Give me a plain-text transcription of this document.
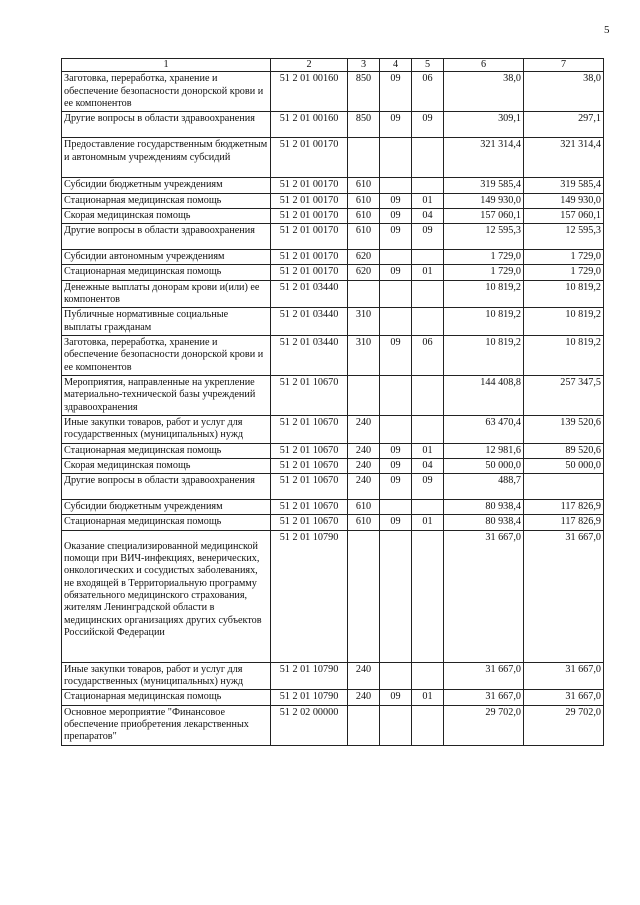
5
1	2	3	4	5	6	7
Заготовка, переработка, хранение и обеспечение безопасности донорской крови и ее компонентов	51 2 01 00160	850	09	06	38,0	38,0
Другие вопросы в области здравоохранения	51 2 01 00160	850	09	09	309,1	297,1
Предоставление государственным бюджетным и автономным учреждениям субсидий	51 2 01 00170				321 314,4	321 314,4
Субсидии бюджетным учреждениям	51 2 01 00170	610			319 585,4	319 585,4
Стационарная медицинская помощь	51 2 01 00170	610	09	01	149 930,0	149 930,0
Скорая медицинская помощь	51 2 01 00170	610	09	04	157 060,1	157 060,1
Другие вопросы в области здравоохранения	51 2 01 00170	610	09	09	12 595,3	12 595,3
Субсидии автономным учреждениям	51 2 01 00170	620			1 729,0	1 729,0
Стационарная медицинская помощь	51 2 01 00170	620	09	01	1 729,0	1 729,0
Денежные выплаты донорам крови и(или) ее компонентов	51 2 01 03440				10 819,2	10 819,2
Публичные нормативные социальные выплаты гражданам	51 2 01 03440	310			10 819,2	10 819,2
Заготовка, переработка, хранение и обеспечение безопасности донорской крови и ее компонентов	51 2 01 03440	310	09	06	10 819,2	10 819,2
Мероприятия, направленные на укрепление материально-технической базы учреждений здравоохранения	51 2 01 10670				144 408,8	257 347,5
Иные закупки товаров, работ и услуг для государственных (муниципальных) нужд	51 2 01 10670	240			63 470,4	139 520,6
Стационарная медицинская помощь	51 2 01 10670	240	09	01	12 981,6	89 520,6
Скорая медицинская помощь	51 2 01 10670	240	09	04	50 000,0	50 000,0
Другие вопросы в области здравоохранения	51 2 01 10670	240	09	09	488,7	
Субсидии бюджетным учреждениям	51 2 01 10670	610			80 938,4	117 826,9
Стационарная медицинская помощь	51 2 01 10670	610	09	01	80 938,4	117 826,9
Оказание специализированной медицинской помощи при ВИЧ-инфекциях, венерических, онкологических и сосудистых заболеваниях, не входящей в Территориальную программу обязательного медицинского страхования, жителям Ленинградской области в медицинских организациях других субъектов Российской Федерации	51 2 01 10790				31 667,0	31 667,0
Иные закупки товаров, работ и услуг для государственных (муниципальных) нужд	51 2 01 10790	240			31 667,0	31 667,0
Стационарная медицинская помощь	51 2 01 10790	240	09	01	31 667,0	31 667,0
Основное мероприятие "Финансовое обеспечение приобретения лекарственных препаратов"	51 2 02 00000				29 702,0	29 702,0
